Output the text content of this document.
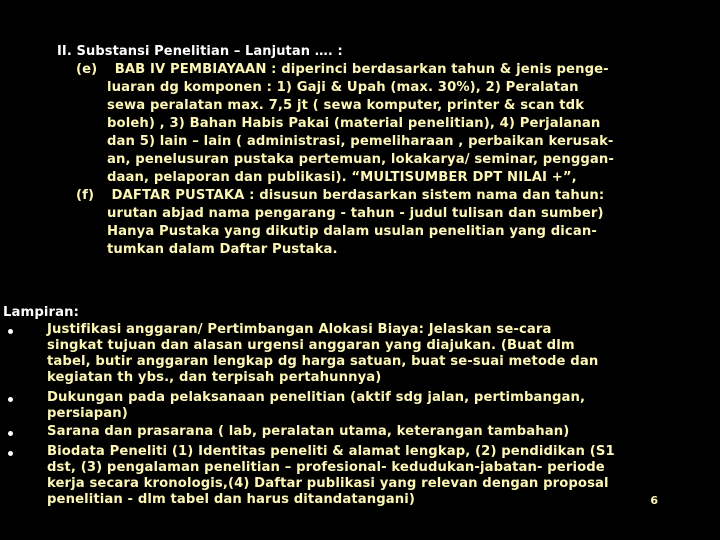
II. Substansi Penelitian – Lanjutan …. :
(e) BAB IV PEMBIAYAAN : diperinci berdasarkan tahun & jenis penge-
luaran dg komponen : 1) Gaji & Upah (max. 30%), 2) Peralatan
sewa peralatan max. 7,5 jt ( sewa komputer, printer & scan tdk
boleh) , 3) Bahan Habis Pakai (material penelitian), 4) Perjalanan
dan 5) lain – lain ( administrasi, pemeliharaan , perbaikan kerusak-
an, penelusuran pustaka pertemuan, lokakarya/ seminar, penggan-
daan, pelaporan dan publikasi). “MULTISUMBER DPT NILAI +”,
(f) DAFTAR PUSTAKA : disusun berdasarkan sistem nama dan tahun:
urutan abjad nama pengarang - tahun - judul tulisan dan sumber)
Hanya Pustaka yang dikutip dalam usulan penelitian yang dican-
tumkan dalam Daftar Pustaka.
Lampiran:
Justifikasi anggaran/ Pertimbangan Alokasi Biaya: Jelaskan se-cara
singkat tujuan dan alasan urgensi anggaran yang diajukan. (Buat dlm
tabel, butir anggaran lengkap dg harga satuan, buat se-suai metode dan
kegiatan th ybs., dan terpisah pertahunnya)
Dukungan pada pelaksanaan penelitian (aktif sdg jalan, pertimbangan,
persiapan)
Sarana dan prasarana ( lab, peralatan utama, keterangan tambahan)
Biodata Peneliti (1) Identitas peneliti & alamat lengkap, (2) pendidikan (S1
dst, (3) pengalaman penelitian – profesional- kedudukan-jabatan- periode
kerja secara kronologis,(4) Daftar publikasi yang relevan dengan proposal
penelitian - dlm tabel dan harus ditandatangani)	6
